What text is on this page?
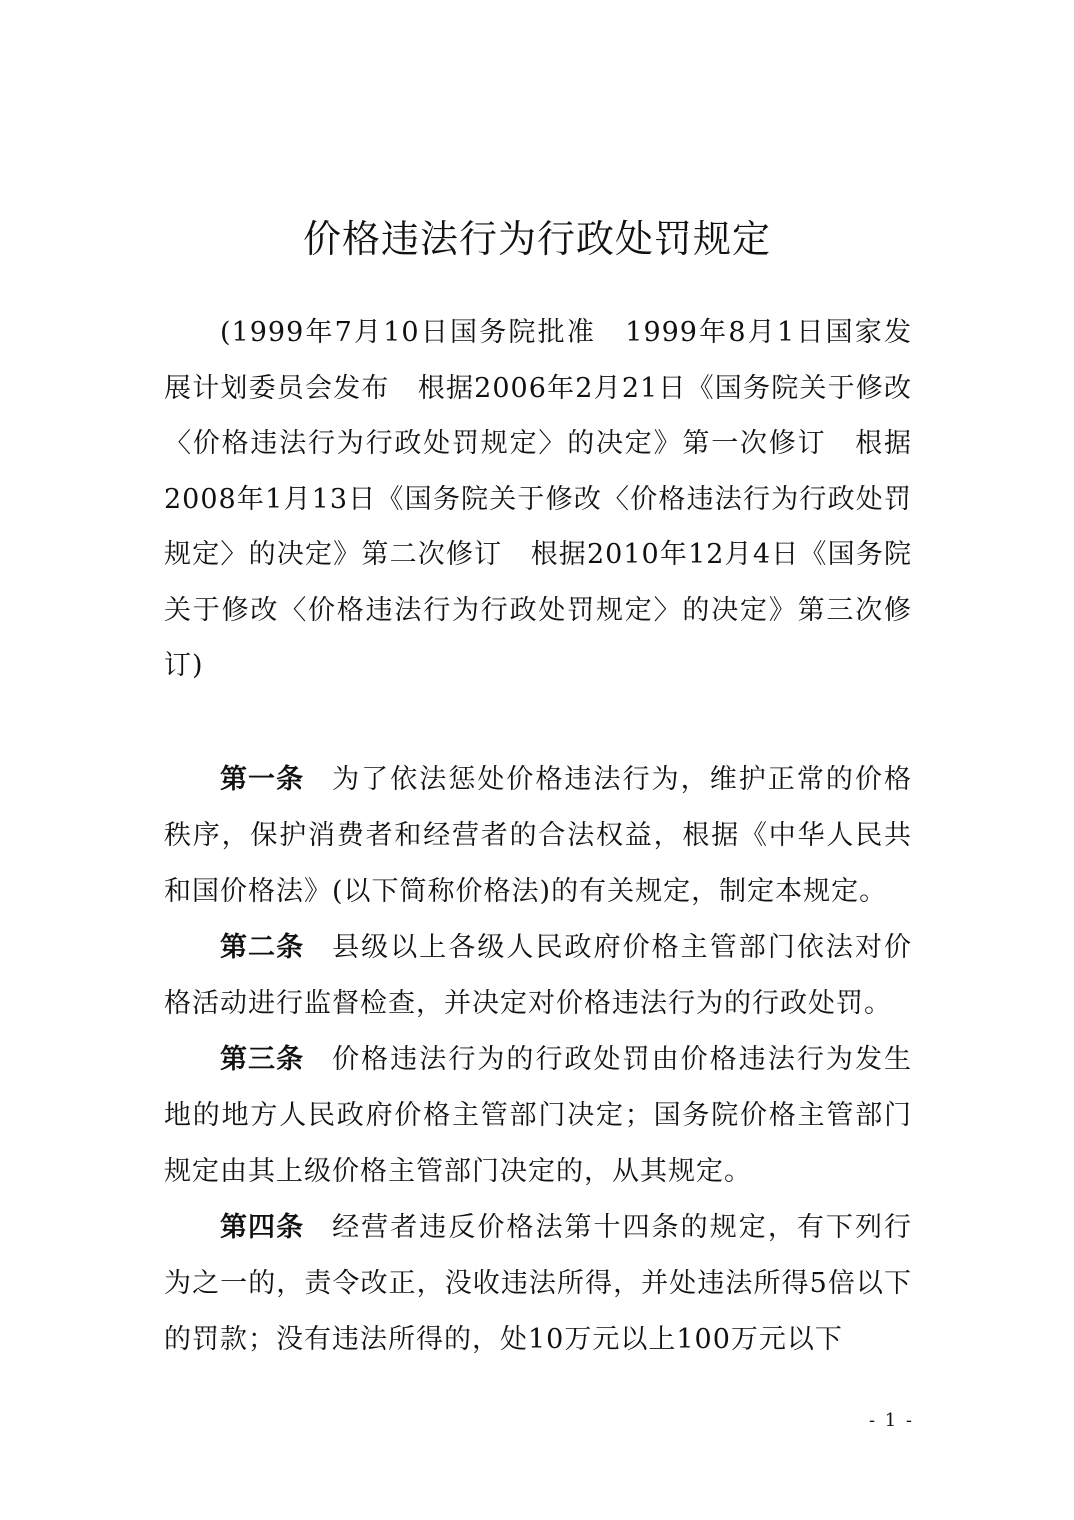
价格违法行为行政处罚规定

(1999年7月10日国务院批准　1999年8月1日国家发展计划委员会发布　根据2006年2月21日《国务院关于修改〈价格违法行为行政处罚规定〉的决定》第一次修订　根据2008年1月13日《国务院关于修改〈价格违法行为行政处罚规定〉的决定》第二次修订　根据2010年12月4日《国务院关于修改〈价格违法行为行政处罚规定〉的决定》第三次修订)

第一条 为了依法惩处价格违法行为，维护正常的价格秩序，保护消费者和经营者的合法权益，根据《中华人民共和国价格法》(以下简称价格法)的有关规定，制定本规定。

第二条 县级以上各级人民政府价格主管部门依法对价格活动进行监督检查，并决定对价格违法行为的行政处罚。

第三条 价格违法行为的行政处罚由价格违法行为发生地的地方人民政府价格主管部门决定；国务院价格主管部门规定由其上级价格主管部门决定的，从其规定。

第四条 经营者违反价格法第十四条的规定，有下列行为之一的，责令改正，没收违法所得，并处违法所得5倍以下的罚款；没有违法所得的，处10万元以上100万元以下

- 1 -
